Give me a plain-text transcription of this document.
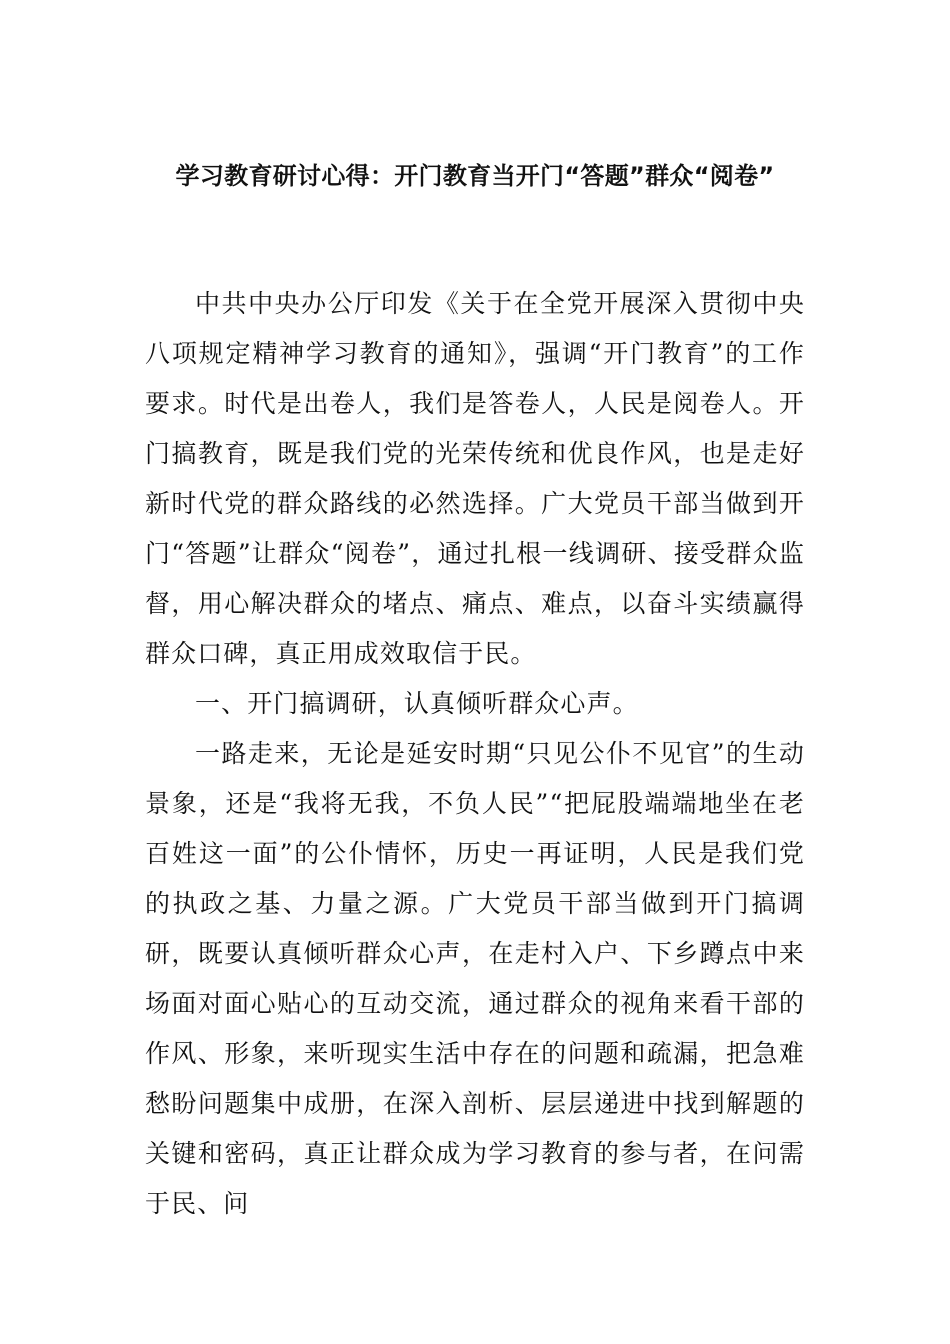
学习教育研讨心得：开门教育当开门“答题”群众“阅卷”

中共中央办公厅印发《关于在全党开展深入贯彻中央八项规定精神学习教育的通知》，强调“开门教育”的工作要求。时代是出卷人，我们是答卷人，人民是阅卷人。开门搞教育，既是我们党的光荣传统和优良作风，也是走好新时代党的群众路线的必然选择。广大党员干部当做到开门“答题”让群众“阅卷”，通过扎根一线调研、接受群众监督，用心解决群众的堵点、痛点、难点，以奋斗实绩赢得群众口碑，真正用成效取信于民。

一、开门搞调研，认真倾听群众心声。

一路走来，无论是延安时期“只见公仆不见官”的生动景象，还是“我将无我，不负人民”“把屁股端端地坐在老百姓这一面”的公仆情怀，历史一再证明，人民是我们党的执政之基、力量之源。广大党员干部当做到开门搞调研，既要认真倾听群众心声，在走村入户、下乡蹲点中来场面对面心贴心的互动交流，通过群众的视角来看干部的作风、形象，来听现实生活中存在的问题和疏漏，把急难愁盼问题集中成册，在深入剖析、层层递进中找到解题的关键和密码，真正让群众成为学习教育的参与者，在问需于民、问
